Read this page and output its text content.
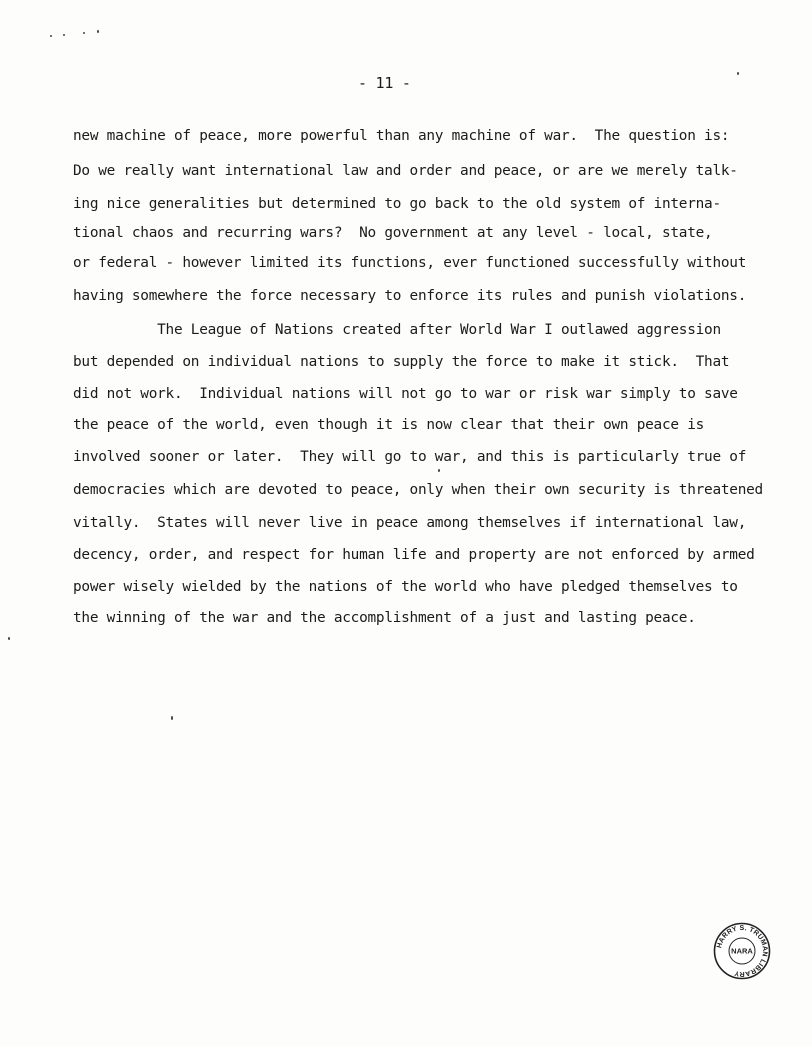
- 11 -
new machine of peace, more powerful than any machine of war.  The question is:
Do we really want international law and order and peace, or are we merely talk-
ing nice generalities but determined to go back to the old system of interna-
tional chaos and recurring wars?  No government at any level - local, state,
or federal - however limited its functions, ever functioned successfully without
having somewhere the force necessary to enforce its rules and punish violations.
The League of Nations created after World War I outlawed aggression
but depended on individual nations to supply the force to make it stick.  That
did not work.  Individual nations will not go to war or risk war simply to save
the peace of the world, even though it is now clear that their own peace is
involved sooner or later.  They will go to war, and this is particularly true of
democracies which are devoted to peace, only when their own security is threatened
vitally.  States will never live in peace among themselves if international law,
decency, order, and respect for human life and property are not enforced by armed
power wisely wielded by the nations of the world who have pledged themselves to
the winning of the war and the accomplishment of a just and lasting peace.
HARRY S. TRUMAN LIBRARY
NARA
